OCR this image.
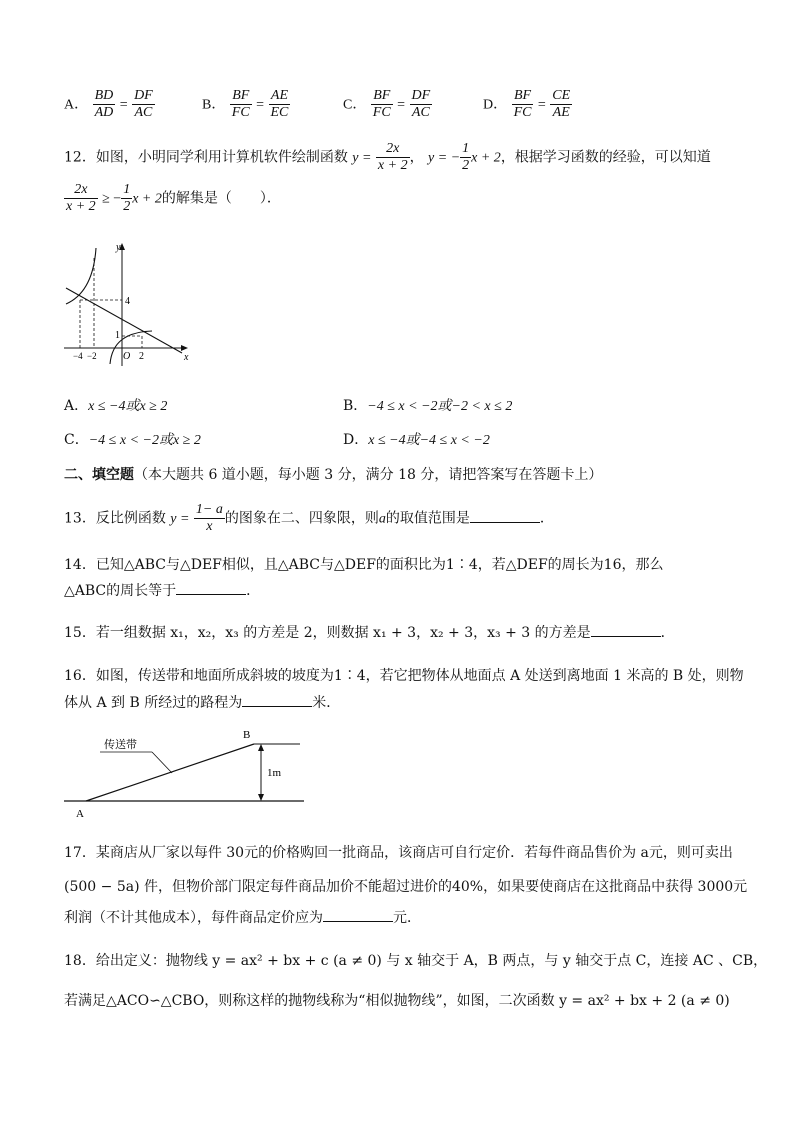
A． $\frac{BD}{AD} = \frac{DF}{AC}$	B． $\frac{BF}{FC} = \frac{AE}{EC}$	C． $\frac{BF}{FC} = \frac{DF}{AC}$	D． $\frac{BF}{FC} = \frac{CE}{AE}$
12．如图，小明同学利用计算机软件绘制函数 $y = \frac{2x}{x + 2}$ ， y = − $\frac{1}{2}$ x + 2，根据学习函数的经验，可以知道
$\frac{2x}{x + 2}$ ≥ − $\frac{1}{2}$ x + 2的解集是（　　）．
y
x
4
1
O
−4 −2	2
A．x ≤ −4或x ≥ 2	B．−4 ≤ x < −2或−2 < x ≤ 2
C．−4 ≤ x < −2或x ≥ 2	D．x ≤ −4或−4 ≤ x < −2
二、填空题（本大题共 6 道小题，每小题 3 分，满分 18 分，请把答案写在答题卡上）
13．反比例函数 $y = \frac{1- a}{x}$ 的图象在二、四象限，则a的取值范围是	．
14．已知△ABC与△DEF相似，且△ABC与△DEF的面积比为1∶4，若△DEF的周长为16，那么
△ABC的周长等于	．
15．若一组数据 x₁，x₂，x₃ 的方差是 2，则数据 x₁ + 3，x₂ + 3，x₃ + 3 的方差是	．
16．如图，传送带和地面所成斜坡的坡度为1∶4，若它把物体从地面点 A 处送到离地面 1 米高的 B 处，则物
体从 A 到 B 所经过的路程为	米．
传送带
B
A
1m
17．某商店从厂家以每件 30元的价格购回一批商品，该商店可自行定价．若每件商品售价为 a元，则可卖出
(500 − 5a) 件，但物价部门限定每件商品加价不能超过进价的40%，如果要使商店在这批商品中获得 3000元
利润（不计其他成本），每件商品定价应为	元．
18．给出定义：抛物线 y = ax² + bx + c (a ≠ 0) 与 x 轴交于 A，B 两点，与 y 轴交于点 C，连接 AC 、CB，
若满足△ACO∽△CBO，则称这样的抛物线称为“相似抛物线”，如图，二次函数 y = ax² + bx + 2 (a ≠ 0)
